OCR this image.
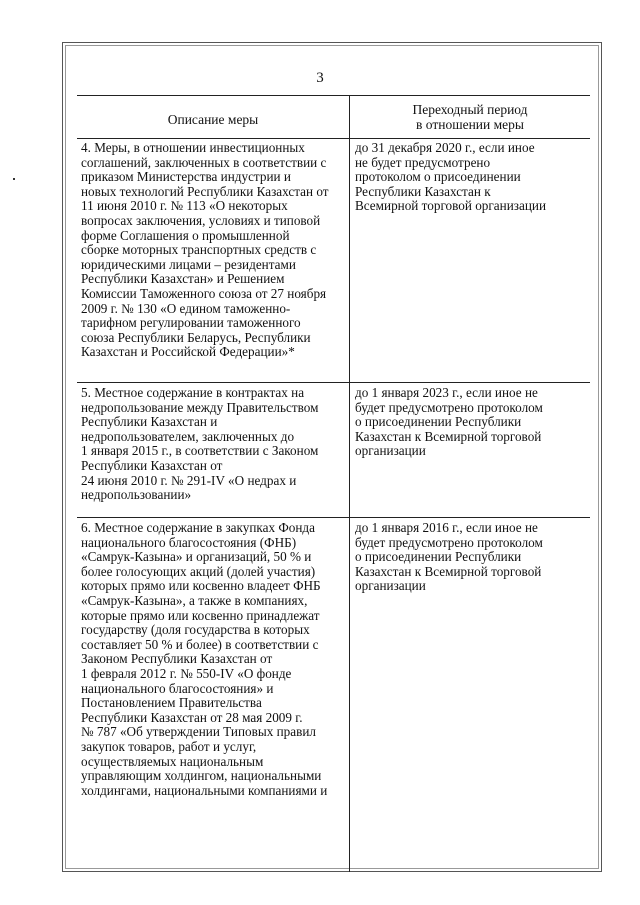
3
Описание меры
Переходный период
в отношении меры
4. Меры, в отношении инвестиционных
соглашений, заключенных в соответствии с
приказом Министерства индустрии и
новых технологий Республики Казахстан от
11 июня 2010 г. № 113 «О некоторых
вопросах заключения, условиях и типовой
форме Соглашения о промышленной
сборке моторных транспортных средств с
юридическими лицами – резидентами
Республики Казахстан» и Решением
Комиссии Таможенного союза от 27 ноября
2009 г. № 130 «О едином таможенно-
тарифном регулировании таможенного
союза Республики Беларусь, Республики
Казахстан и Российской Федерации»*
до 31 декабря 2020 г., если иное
не будет предусмотрено
протоколом о присоединении
Республики Казахстан к
Всемирной торговой организации
5. Местное содержание в контрактах на
недропользование между Правительством
Республики Казахстан и
недропользователем, заключенных до
1 января 2015 г., в соответствии с Законом
Республики Казахстан от
24 июня 2010 г. № 291-IV «О недрах и
недропользовании»
до 1 января 2023 г., если иное не
будет предусмотрено протоколом
о присоединении Республики
Казахстан к Всемирной торговой
организации
6. Местное содержание в закупках Фонда
национального благосостояния (ФНБ)
«Самрук-Казына» и организаций, 50 % и
более голосующих акций (долей участия)
которых прямо или косвенно владеет ФНБ
«Самрук-Казына», а также в компаниях,
которые прямо или косвенно принадлежат
государству (доля государства в которых
составляет 50 % и более) в соответствии с
Законом Республики Казахстан от
1 февраля 2012 г. № 550-IV «О фонде
национального благосостояния» и
Постановлением Правительства
Республики Казахстан от 28 мая 2009 г.
№ 787 «Об утверждении Типовых правил
закупок товаров, работ и услуг,
осуществляемых национальным
управляющим холдингом, национальными
холдингами, национальными компаниями и
до 1 января 2016 г., если иное не
будет предусмотрено протоколом
о присоединении Республики
Казахстан к Всемирной торговой
организации
